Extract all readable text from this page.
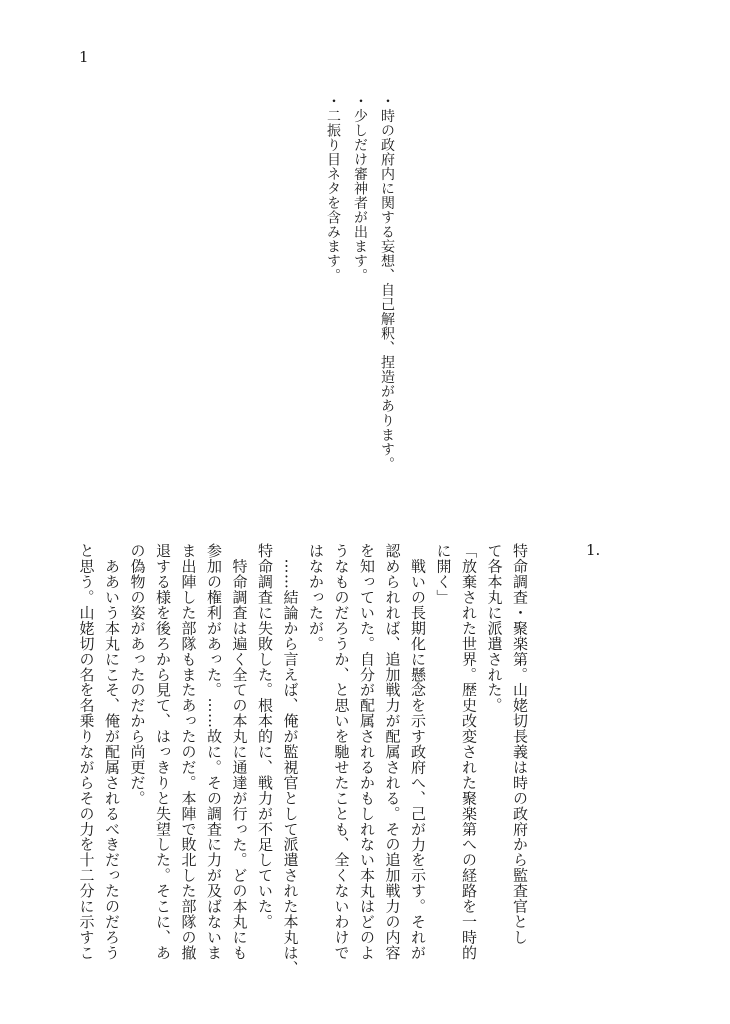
1

・時の政府内に関する妄想、自己解釈、捏造があります。

・少しだけ審神者が出ます。

・二振り目ネタを含みます。

1.

特命調査・聚楽第。山姥切長義は時の政府から監査官とし

て各本丸に派遣された。

「放棄された世界。歴史改変された聚楽第への経路を一時的

に開く」

　戦いの長期化に懸念を示す政府へ、己が力を示す。それが

認められれば、追加戦力が配属される。その追加戦力の内容

を知っていた。自分が配属されるかもしれない本丸はどのよ

うなものだろうか、と思いを馳せたことも、全くないわけで

はなかったが。

　……結論から言えば、俺が監視官として派遣された本丸は、

特命調査に失敗した。根本的に、戦力が不足していた。

　特命調査は遍く全ての本丸に通達が行った。どの本丸にも

参加の権利があった。……故に。その調査に力が及ばないま

ま出陣した部隊もまたあったのだ。本陣で敗北した部隊の撤

退する様を後ろから見て、はっきりと失望した。そこに、あ

の偽物の姿があったのだから尚更だ。

　ああいう本丸にこそ、俺が配属されるべきだったのだろう

と思う。山姥切の名を名乗りながらその力を十二分に示すこ
